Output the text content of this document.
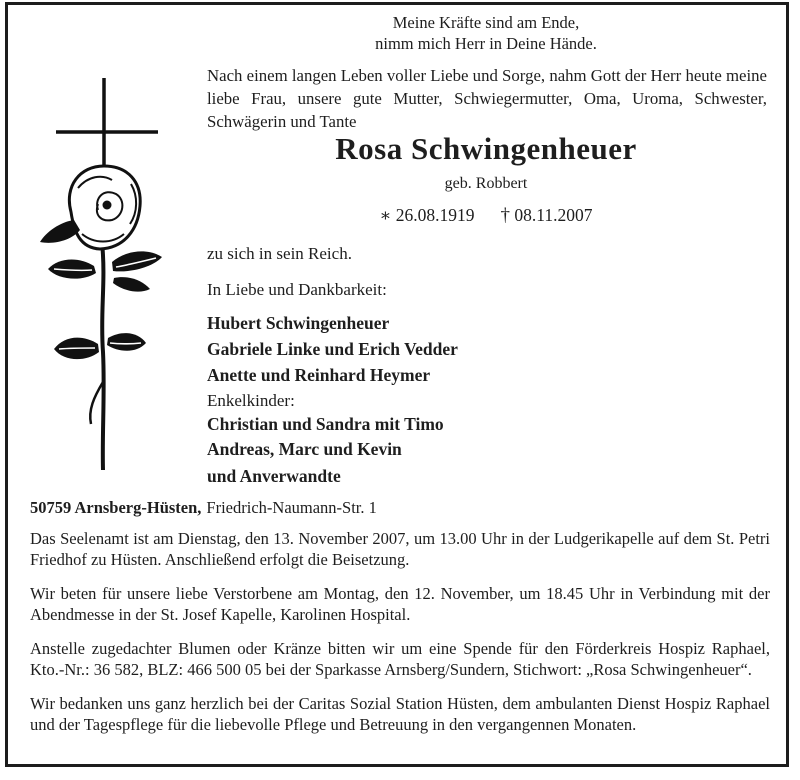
Meine Kräfte sind am Ende,
nimm mich Herr in Deine Hände.

Nach einem langen Leben voller Liebe und Sorge, nahm Gott der Herr heute meine liebe Frau, unsere gute Mutter, Schwiegermutter, Oma, Uroma, Schwester, Schwägerin und Tante

Rosa Schwingenheuer
geb. Robbert
∗ 26.08.1919 † 08.11.2007
zu sich in sein Reich.
In Liebe und Dankbarkeit:
Hubert Schwingenheuer
Gabriele Linke und Erich Vedder
Anette und Reinhard Heymer
Enkelkinder:
Christian und Sandra mit Timo
Andreas, Marc und Kevin
und Anverwandte
50759 Arnsberg-Hüsten, Friedrich-Naumann-Str. 1

Das Seelenamt ist am Dienstag, den 13. November 2007, um 13.00 Uhr in der Ludgerikapelle auf dem St. Petri Friedhof zu Hüsten. Anschließend erfolgt die Beisetzung.

Wir beten für unsere liebe Verstorbene am Montag, den 12. November, um 18.45 Uhr in Verbindung mit der Abendmesse in der St. Josef Kapelle, Karolinen Hospital.

Anstelle zugedachter Blumen oder Kränze bitten wir um eine Spende für den Förderkreis Hospiz Raphael, Kto.-Nr.: 36 582, BLZ: 466 500 05 bei der Sparkasse Arnsberg/Sundern, Stichwort: „Rosa Schwingenheuer“.

Wir bedanken uns ganz herzlich bei der Caritas Sozial Station Hüsten, dem ambulanten Dienst Hospiz Raphael und der Tagespflege für die liebevolle Pflege und Betreuung in den vergangennen Monaten.
